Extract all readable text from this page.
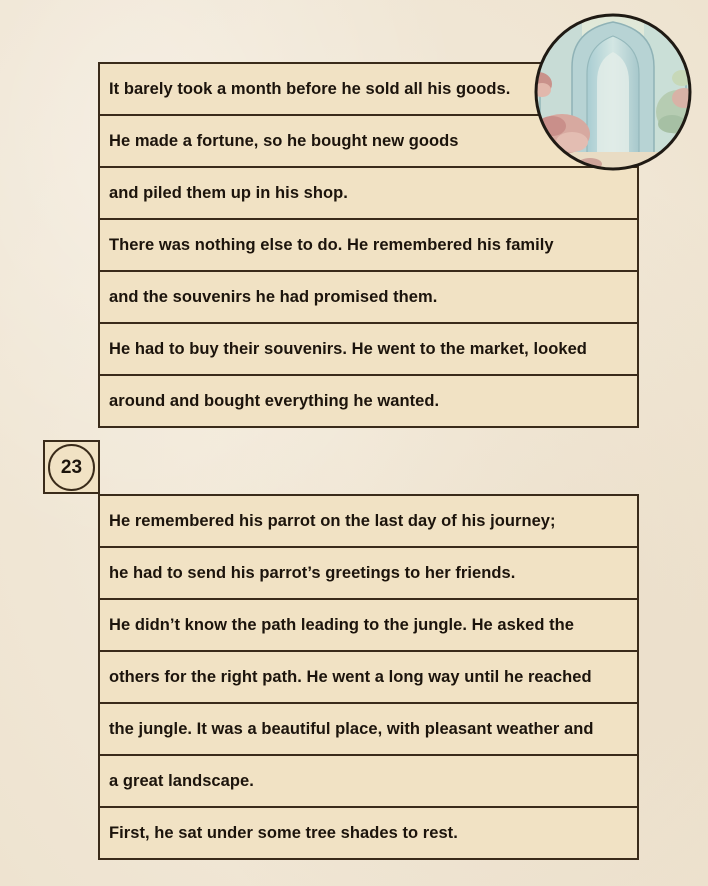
It barely took a month before he sold all his goods.
He made a fortune, so he bought new goods
and piled them up in his shop.
There was nothing else to do. He remembered his family
and the souvenirs he had promised them.
He had to buy their souvenirs. He went to the market, looked
around and bought everything he wanted.
23
He remembered his parrot on the last day of his journey;
he had to send his parrot’s greetings to her friends.
He didn’t know the path leading to the jungle. He asked the
others for the right path. He went a long way until he reached
the jungle. It was a beautiful place, with pleasant weather and
a great landscape.
First, he sat under some tree shades to rest.
